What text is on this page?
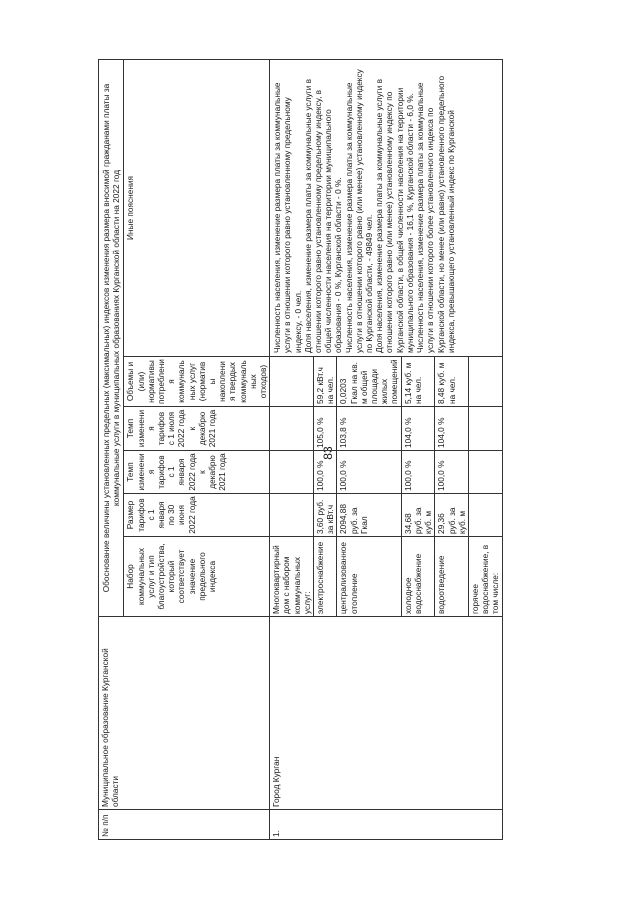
83
№ п/п	Муниципальное образование Курганской области	Обоснование величины установленных предельных (максимальных) индексов изменения размера вносимой гражданами платы за коммунальные услуги в муниципальных образованиях Курганской области на 2022 год					
		Набор коммунальных услуг и тип благоустройства, который соответствует значение предельного индекса	Размер тарифов с 1 января по 30 июня 2022 года	Темп изменения тарифов с 1 января 2022 года к декабрю 2021 года	Темп изменения тарифов с 1 июля 2022 года к декабрю 2021 года	Объемы и (или) нормативы потребления коммунальных услуг (нормативы накопления твердых коммунальных отходов)	Иные пояснения
1.	Город Курган	Многоквартирный дом с набором коммунальных услуг:					Численность населения, изменение размера платы за коммунальные услуги в отношении которого равно установленному предельному индексу, - 0 чел. Доля населения, изменение размера платы за коммунальные услуги в отношении которого равно установленному предельному индексу, в общей численности населения на территории муниципального образования - 0 %, Курганской области - 0 %. Численность населения, изменение размера платы за коммунальные услуги в отношении которого равно (или менее) установленному индексу по Курганской области, - 49849 чел. Доля населения, изменение размера платы за коммунальные услуги в отношении которого равно (или менее) установленному индексу по Курганской области, в общей численности населения на территории муниципального образования - 16,1 %, Курганской области - 6,0 %. Численность населения, изменение размера платы за коммунальные услуги в отношении которого более установленного индекса по Курганской области, но менее (или равно) установленного предельного индекса, превышающего установленный индекс по Курганской

		электроснабжение	3,60 руб. за кВт.ч	100,0 %	105,0 %	59,2 кВт.ч на чел.	
		централизованное отопление	2094,88 руб. за Гкал	100,0 %	103,8 %	0,0203 Гкал на кв. м общей площади жилых помещений	
		холодное водоснабжение	34,68 руб. за куб. м	100,0 %	104,0 %	5,14 куб. м на чел.	
		водоотведение	29,36 руб. за куб. м	100,0 %	104,0 %	8,48 куб. м на чел.	
		горячее водоснабжение, в том числе:					
